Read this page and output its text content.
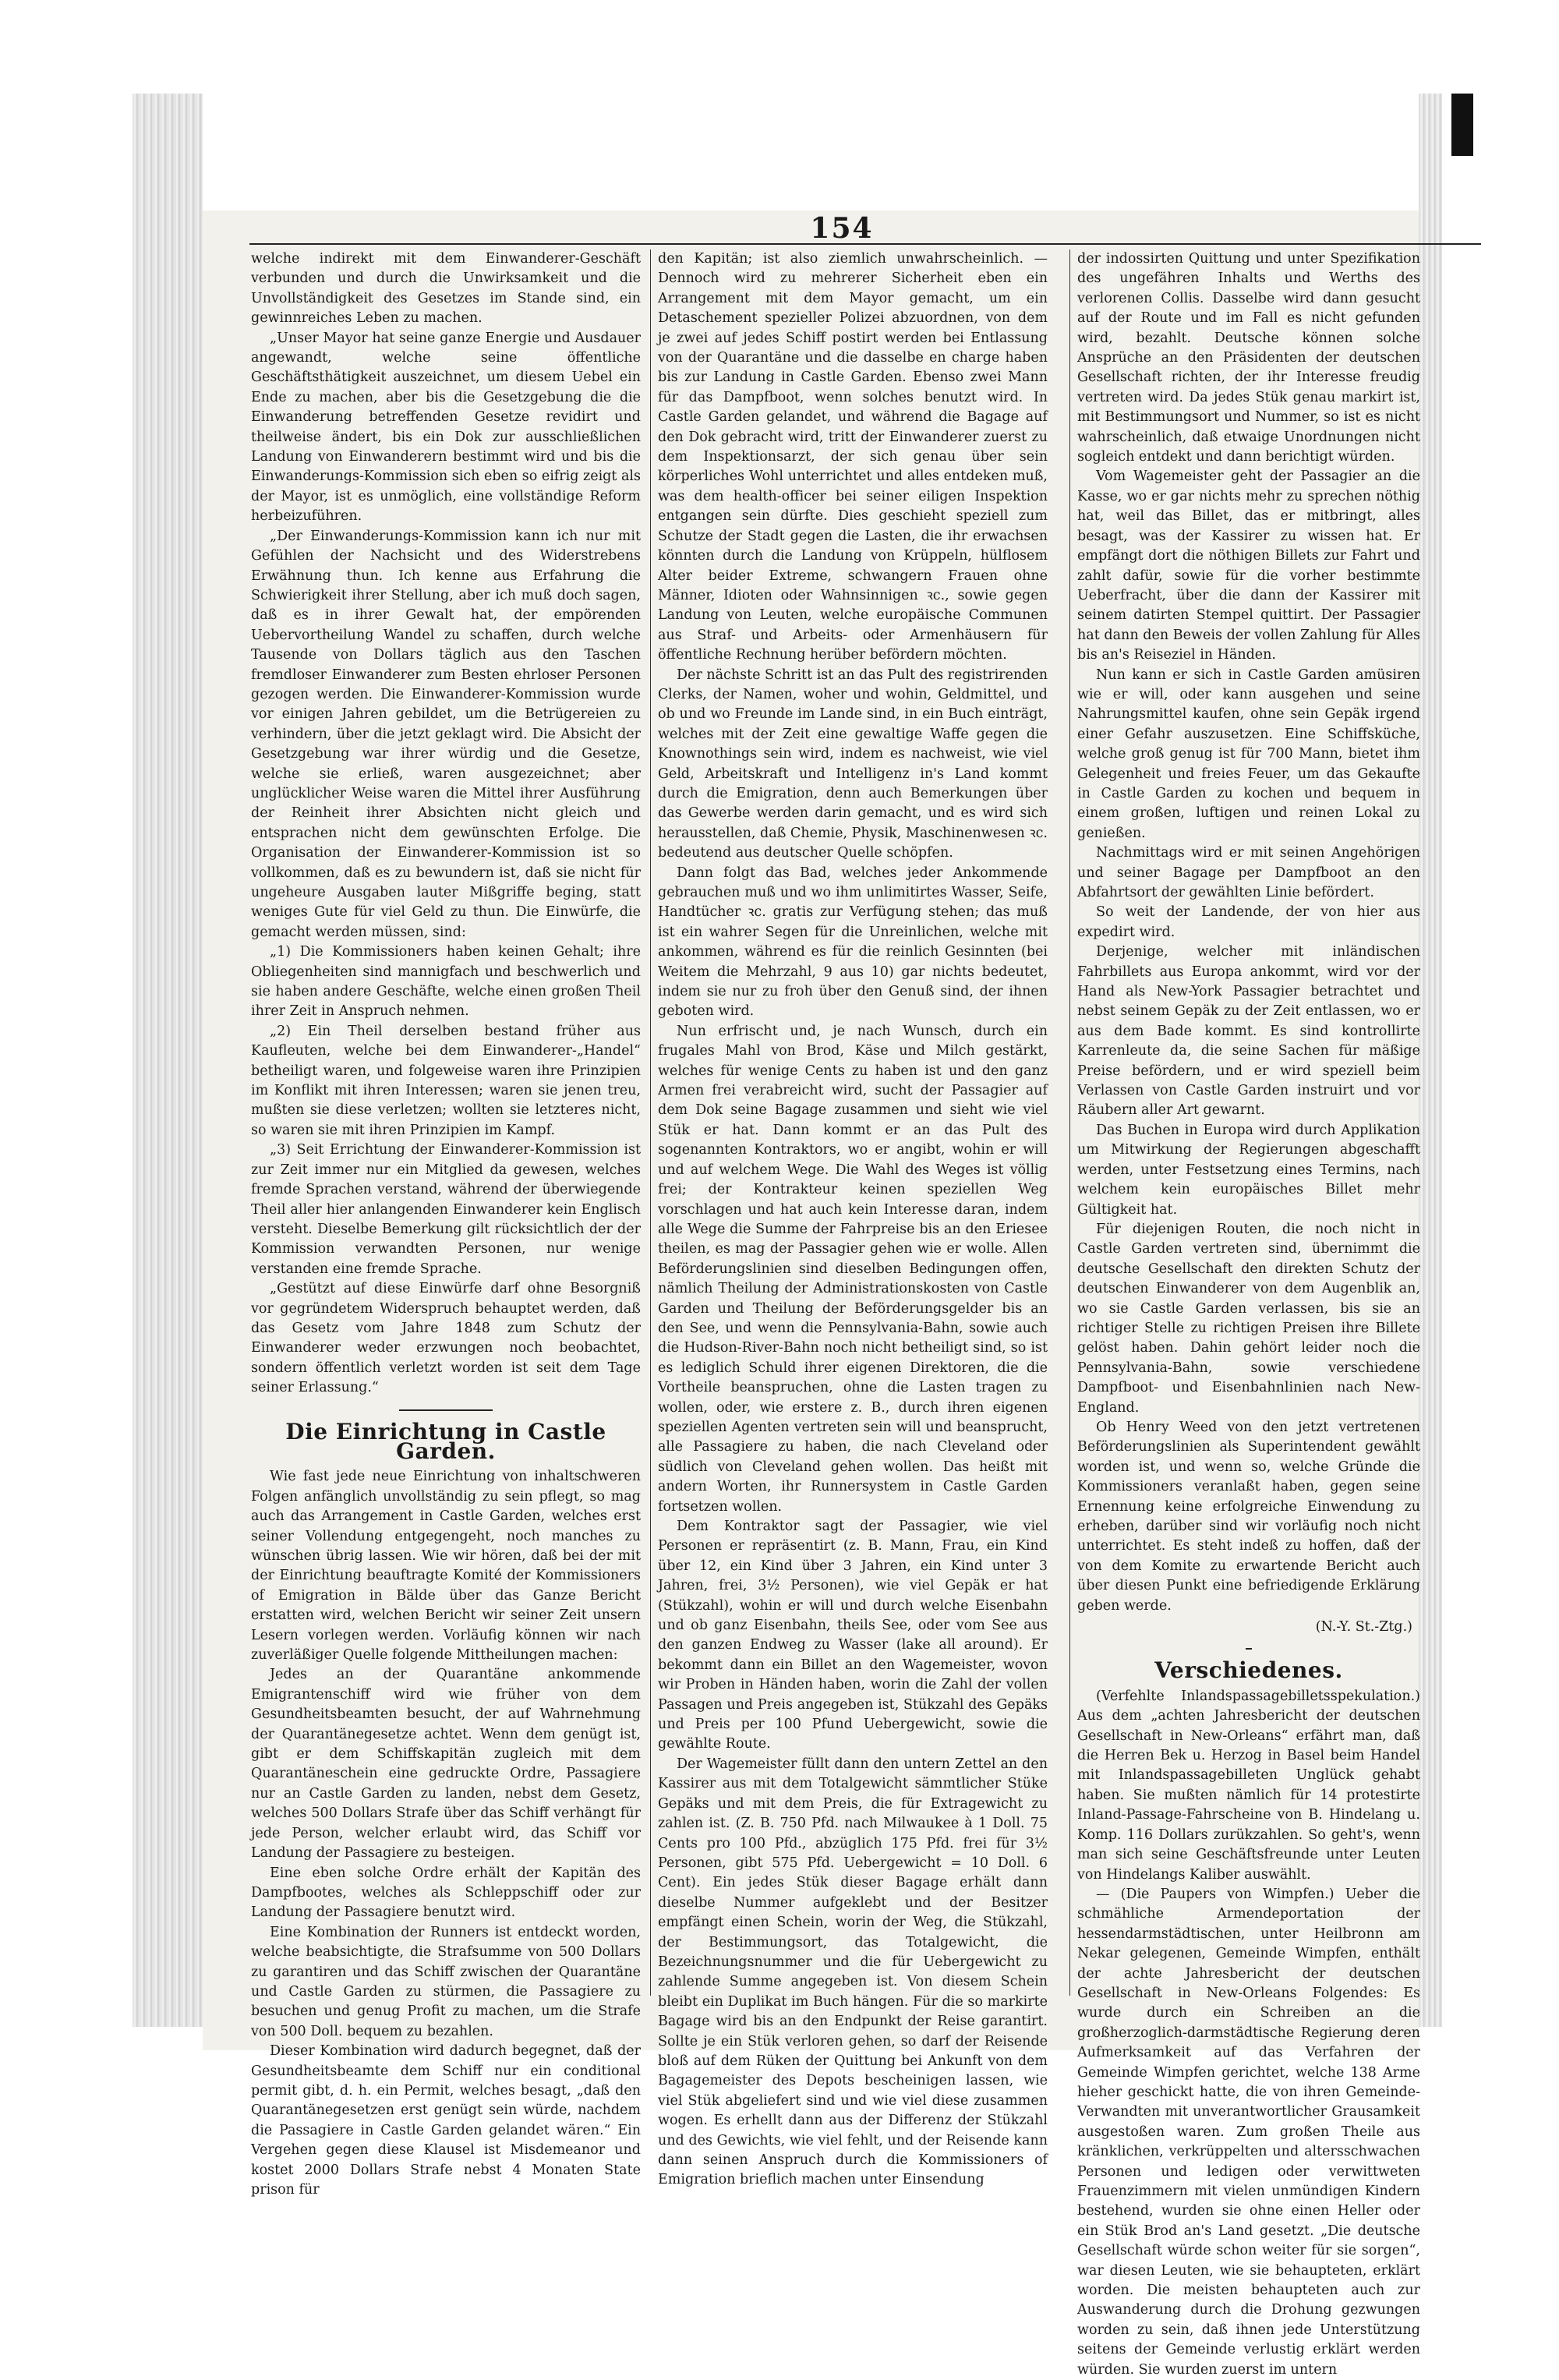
154

welche indirekt mit dem Einwanderer-Geschäft verbunden und durch die Unwirksamkeit und die Unvollständigkeit des Gesetzes im Stande sind, ein gewinnreiches Leben zu machen.

„Unser Mayor hat seine ganze Energie und Ausdauer angewandt, welche seine öffentliche Geschäftsthätigkeit auszeichnet, um diesem Uebel ein Ende zu machen, aber bis die Gesetzgebung die die Einwanderung betreffenden Gesetze revidirt und theilweise ändert, bis ein Dok zur ausschließlichen Landung von Einwanderern bestimmt wird und bis die Einwanderungs-Kommission sich eben so eifrig zeigt als der Mayor, ist es unmöglich, eine vollständige Reform herbeizuführen.

„Der Einwanderungs-Kommission kann ich nur mit Gefühlen der Nachsicht und des Widerstrebens Erwähnung thun. Ich kenne aus Erfahrung die Schwierigkeit ihrer Stellung, aber ich muß doch sagen, daß es in ihrer Gewalt hat, der empörenden Uebervortheilung Wandel zu schaffen, durch welche Tausende von Dollars täglich aus den Taschen fremdloser Einwanderer zum Besten ehrloser Personen gezogen werden. Die Einwanderer-Kommission wurde vor einigen Jahren gebildet, um die Betrügereien zu verhindern, über die jetzt geklagt wird. Die Absicht der Gesetzgebung war ihrer würdig und die Gesetze, welche sie erließ, waren ausgezeichnet; aber unglücklicher Weise waren die Mittel ihrer Ausführung der Reinheit ihrer Absichten nicht gleich und entsprachen nicht dem gewünschten Erfolge. Die Organisation der Einwanderer-Kommission ist so vollkommen, daß es zu bewundern ist, daß sie nicht für ungeheure Ausgaben lauter Mißgriffe beging, statt weniges Gute für viel Geld zu thun. Die Einwürfe, die gemacht werden müssen, sind:

„1) Die Kommissioners haben keinen Gehalt; ihre Obliegenheiten sind mannigfach und beschwerlich und sie haben andere Geschäfte, welche einen großen Theil ihrer Zeit in Anspruch nehmen.

„2) Ein Theil derselben bestand früher aus Kaufleuten, welche bei dem Einwanderer-„Handel“ betheiligt waren, und folgeweise waren ihre Prinzipien im Konflikt mit ihren Interessen; waren sie jenen treu, mußten sie diese verletzen; wollten sie letzteres nicht, so waren sie mit ihren Prinzipien im Kampf.

„3) Seit Errichtung der Einwanderer-Kommission ist zur Zeit immer nur ein Mitglied da gewesen, welches fremde Sprachen verstand, während der überwiegende Theil aller hier anlangenden Einwanderer kein Englisch versteht. Dieselbe Bemerkung gilt rücksichtlich der der Kommission verwandten Personen, nur wenige verstanden eine fremde Sprache.

„Gestützt auf diese Einwürfe darf ohne Besorgniß vor gegründetem Widerspruch behauptet werden, daß das Gesetz vom Jahre 1848 zum Schutz der Einwanderer weder erzwungen noch beobachtet, sondern öffentlich verletzt worden ist seit dem Tage seiner Erlassung.“

Die Einrichtung in Castle Garden.

Wie fast jede neue Einrichtung von inhaltschweren Folgen anfänglich unvollständig zu sein pflegt, so mag auch das Arrangement in Castle Garden, welches erst seiner Vollendung entgegengeht, noch manches zu wünschen übrig lassen. Wie wir hören, daß bei der mit der Einrichtung beauftragte Komité der Kommissioners of Emigration in Bälde über das Ganze Bericht erstatten wird, welchen Bericht wir seiner Zeit unsern Lesern vorlegen werden. Vorläufig können wir nach zuverläßiger Quelle folgende Mittheilungen machen:

Jedes an der Quarantäne ankommende Emigrantenschiff wird wie früher von dem Gesundheitsbeamten besucht, der auf Wahrnehmung der Quarantänegesetze achtet. Wenn dem genügt ist, gibt er dem Schiffskapitän zugleich mit dem Quarantäneschein eine gedruckte Ordre, Passagiere nur an Castle Garden zu landen, nebst dem Gesetz, welches 500 Dollars Strafe über das Schiff verhängt für jede Person, welcher erlaubt wird, das Schiff vor Landung der Passagiere zu besteigen.

Eine eben solche Ordre erhält der Kapitän des Dampfbootes, welches als Schleppschiff oder zur Landung der Passagiere benutzt wird.

Eine Kombination der Runners ist entdeckt worden, welche beabsichtigte, die Strafsumme von 500 Dollars zu garantiren und das Schiff zwischen der Quarantäne und Castle Garden zu stürmen, die Passagiere zu besuchen und genug Profit zu machen, um die Strafe von 500 Doll. bequem zu bezahlen.

Dieser Kombination wird dadurch begegnet, daß der Gesundheitsbeamte dem Schiff nur ein conditional permit gibt, d. h. ein Permit, welches besagt, „daß den Quarantänegesetzen erst genügt sein würde, nachdem die Passagiere in Castle Garden gelandet wären.“ Ein Vergehen gegen diese Klausel ist Misdemeanor und kostet 2000 Dollars Strafe nebst 4 Monaten State prison für

den Kapitän; ist also ziemlich unwahrscheinlich. — Dennoch wird zu mehrerer Sicherheit eben ein Arrangement mit dem Mayor gemacht, um ein Detaschement spezieller Polizei abzuordnen, von dem je zwei auf jedes Schiff postirt werden bei Entlassung von der Quarantäne und die dasselbe en charge haben bis zur Landung in Castle Garden. Ebenso zwei Mann für das Dampfboot, wenn solches benutzt wird. In Castle Garden gelandet, und während die Bagage auf den Dok gebracht wird, tritt der Einwanderer zuerst zu dem Inspektionsarzt, der sich genau über sein körperliches Wohl unterrichtet und alles entdeken muß, was dem health-officer bei seiner eiligen Inspektion entgangen sein dürfte. Dies geschieht speziell zum Schutze der Stadt gegen die Lasten, die ihr erwachsen könnten durch die Landung von Krüppeln, hülflosem Alter beider Extreme, schwangern Frauen ohne Männer, Idioten oder Wahnsinnigen ꝛc., sowie gegen Landung von Leuten, welche europäische Communen aus Straf- und Arbeits- oder Armenhäusern für öffentliche Rechnung herüber befördern möchten.

Der nächste Schritt ist an das Pult des registrirenden Clerks, der Namen, woher und wohin, Geldmittel, und ob und wo Freunde im Lande sind, in ein Buch einträgt, welches mit der Zeit eine gewaltige Waffe gegen die Knownothings sein wird, indem es nachweist, wie viel Geld, Arbeitskraft und Intelligenz in's Land kommt durch die Emigration, denn auch Bemerkungen über das Gewerbe werden darin gemacht, und es wird sich herausstellen, daß Chemie, Physik, Maschinenwesen ꝛc. bedeutend aus deutscher Quelle schöpfen.

Dann folgt das Bad, welches jeder Ankommende gebrauchen muß und wo ihm unlimitirtes Wasser, Seife, Handtücher ꝛc. gratis zur Verfügung stehen; das muß ist ein wahrer Segen für die Unreinlichen, welche mit ankommen, während es für die reinlich Gesinnten (bei Weitem die Mehrzahl, 9 aus 10) gar nichts bedeutet, indem sie nur zu froh über den Genuß sind, der ihnen geboten wird.

Nun erfrischt und, je nach Wunsch, durch ein frugales Mahl von Brod, Käse und Milch gestärkt, welches für wenige Cents zu haben ist und den ganz Armen frei verabreicht wird, sucht der Passagier auf dem Dok seine Bagage zusammen und sieht wie viel Stük er hat. Dann kommt er an das Pult des sogenannten Kontraktors, wo er angibt, wohin er will und auf welchem Wege. Die Wahl des Weges ist völlig frei; der Kontrakteur keinen speziellen Weg vorschlagen und hat auch kein Interesse daran, indem alle Wege die Summe der Fahrpreise bis an den Eriesee theilen, es mag der Passagier gehen wie er wolle. Allen Beförderungslinien sind dieselben Bedingungen offen, nämlich Theilung der Administrationskosten von Castle Garden und Theilung der Beförderungsgelder bis an den See, und wenn die Pennsylvania-Bahn, sowie auch die Hudson-River-Bahn noch nicht betheiligt sind, so ist es lediglich Schuld ihrer eigenen Direktoren, die die Vortheile beanspruchen, ohne die Lasten tragen zu wollen, oder, wie erstere z. B., durch ihren eigenen speziellen Agenten vertreten sein will und beansprucht, alle Passagiere zu haben, die nach Cleveland oder südlich von Cleveland gehen wollen. Das heißt mit andern Worten, ihr Runnersystem in Castle Garden fortsetzen wollen.

Dem Kontraktor sagt der Passagier, wie viel Personen er repräsentirt (z. B. Mann, Frau, ein Kind über 12, ein Kind über 3 Jahren, ein Kind unter 3 Jahren, frei, 3½ Personen), wie viel Gepäk er hat (Stükzahl), wohin er will und durch welche Eisenbahn und ob ganz Eisenbahn, theils See, oder vom See aus den ganzen Endweg zu Wasser (lake all around). Er bekommt dann ein Billet an den Wagemeister, wovon wir Proben in Händen haben, worin die Zahl der vollen Passagen und Preis angegeben ist, Stükzahl des Gepäks und Preis per 100 Pfund Uebergewicht, sowie die gewählte Route.

Der Wagemeister füllt dann den untern Zettel an den Kassirer aus mit dem Totalgewicht sämmtlicher Stüke Gepäks und mit dem Preis, die für Extragewicht zu zahlen ist. (Z. B. 750 Pfd. nach Milwaukee à 1 Doll. 75 Cents pro 100 Pfd., abzüglich 175 Pfd. frei für 3½ Personen, gibt 575 Pfd. Uebergewicht = 10 Doll. 6 Cent). Ein jedes Stük dieser Bagage erhält dann dieselbe Nummer aufgeklebt und der Besitzer empfängt einen Schein, worin der Weg, die Stükzahl, der Bestimmungsort, das Totalgewicht, die Bezeichnungsnummer und die für Uebergewicht zu zahlende Summe angegeben ist. Von diesem Schein bleibt ein Duplikat im Buch hängen. Für die so markirte Bagage wird bis an den Endpunkt der Reise garantirt. Sollte je ein Stük verloren gehen, so darf der Reisende bloß auf dem Rüken der Quittung bei Ankunft von dem Bagagemeister des Depots bescheinigen lassen, wie viel Stük abgeliefert sind und wie viel diese zusammen wogen. Es erhellt dann aus der Differenz der Stükzahl und des Gewichts, wie viel fehlt, und der Reisende kann dann seinen Anspruch durch die Kommissioners of Emigration brieflich machen unter Einsendung

der indossirten Quittung und unter Spezifikation des ungefähren Inhalts und Werths des verlorenen Collis. Dasselbe wird dann gesucht auf der Route und im Fall es nicht gefunden wird, bezahlt. Deutsche können solche Ansprüche an den Präsidenten der deutschen Gesellschaft richten, der ihr Interesse freudig vertreten wird. Da jedes Stük genau markirt ist, mit Bestimmungsort und Nummer, so ist es nicht wahrscheinlich, daß etwaige Unordnungen nicht sogleich entdekt und dann berichtigt würden.

Vom Wagemeister geht der Passagier an die Kasse, wo er gar nichts mehr zu sprechen nöthig hat, weil das Billet, das er mitbringt, alles besagt, was der Kassirer zu wissen hat. Er empfängt dort die nöthigen Billets zur Fahrt und zahlt dafür, sowie für die vorher bestimmte Ueberfracht, über die dann der Kassirer mit seinem datirten Stempel quittirt. Der Passagier hat dann den Beweis der vollen Zahlung für Alles bis an's Reiseziel in Händen.

Nun kann er sich in Castle Garden amüsiren wie er will, oder kann ausgehen und seine Nahrungsmittel kaufen, ohne sein Gepäk irgend einer Gefahr auszusetzen. Eine Schiffsküche, welche groß genug ist für 700 Mann, bietet ihm Gelegenheit und freies Feuer, um das Gekaufte in Castle Garden zu kochen und bequem in einem großen, luftigen und reinen Lokal zu genießen.

Nachmittags wird er mit seinen Angehörigen und seiner Bagage per Dampfboot an den Abfahrtsort der gewählten Linie befördert.

So weit der Landende, der von hier aus expedirt wird.

Derjenige, welcher mit inländischen Fahrbillets aus Europa ankommt, wird vor der Hand als New-York Passagier betrachtet und nebst seinem Gepäk zu der Zeit entlassen, wo er aus dem Bade kommt. Es sind kontrollirte Karrenleute da, die seine Sachen für mäßige Preise befördern, und er wird speziell beim Verlassen von Castle Garden instruirt und vor Räubern aller Art gewarnt.

Das Buchen in Europa wird durch Applikation um Mitwirkung der Regierungen abgeschafft werden, unter Festsetzung eines Termins, nach welchem kein europäisches Billet mehr Gültigkeit hat.

Für diejenigen Routen, die noch nicht in Castle Garden vertreten sind, übernimmt die deutsche Gesellschaft den direkten Schutz der deutschen Einwanderer von dem Augenblik an, wo sie Castle Garden verlassen, bis sie an richtiger Stelle zu richtigen Preisen ihre Billete gelöst haben. Dahin gehört leider noch die Pennsylvania-Bahn, sowie verschiedene Dampfboot- und Eisenbahnlinien nach New-England.

Ob Henry Weed von den jetzt vertretenen Beförderungslinien als Superintendent gewählt worden ist, und wenn so, welche Gründe die Kommissioners veranlaßt haben, gegen seine Ernennung keine erfolgreiche Einwendung zu erheben, darüber sind wir vorläufig noch nicht unterrichtet. Es steht indeß zu hoffen, daß der von dem Komite zu erwartende Bericht auch über diesen Punkt eine befriedigende Erklärung geben werde.

(N.-Y. St.-Ztg.)
Verschiedenes.

(Verfehlte Inlandspassagebilletsspekulation.) Aus dem „achten Jahresbericht der deutschen Gesellschaft in New-Orleans“ erfährt man, daß die Herren Bek u. Herzog in Basel beim Handel mit Inlandspassagebilleten Unglück gehabt haben. Sie mußten nämlich für 14 protestirte Inland-Passage-Fahrscheine von B. Hindelang u. Komp. 116 Dollars zurükzahlen. So geht's, wenn man sich seine Geschäftsfreunde unter Leuten von Hindelangs Kaliber auswählt.

— (Die Paupers von Wimpfen.) Ueber die schmähliche Armendeportation der hessendarmstädtischen, unter Heilbronn am Nekar gelegenen, Gemeinde Wimpfen, enthält der achte Jahresbericht der deutschen Gesellschaft in New-Orleans Folgendes: Es wurde durch ein Schreiben an die großherzoglich-darmstädtische Regierung deren Aufmerksamkeit auf das Verfahren der Gemeinde Wimpfen gerichtet, welche 138 Arme hieher geschickt hatte, die von ihren Gemeinde-Verwandten mit unverantwortlicher Grausamkeit ausgestoßen waren. Zum großen Theile aus kränklichen, verkrüppelten und altersschwachen Personen und ledigen oder verwittweten Frauenzimmern mit vielen unmündigen Kindern bestehend, wurden sie ohne einen Heller oder ein Stük Brod an's Land gesetzt. „Die deutsche Gesellschaft würde schon weiter für sie sorgen“, war diesen Leuten, wie sie behaupteten, erklärt worden. Die meisten behaupteten auch zur Auswanderung durch die Drohung gezwungen worden zu sein, daß ihnen jede Unterstützung seitens der Gemeinde verlustig erklärt werden würden. Sie wurden zuerst im untern
